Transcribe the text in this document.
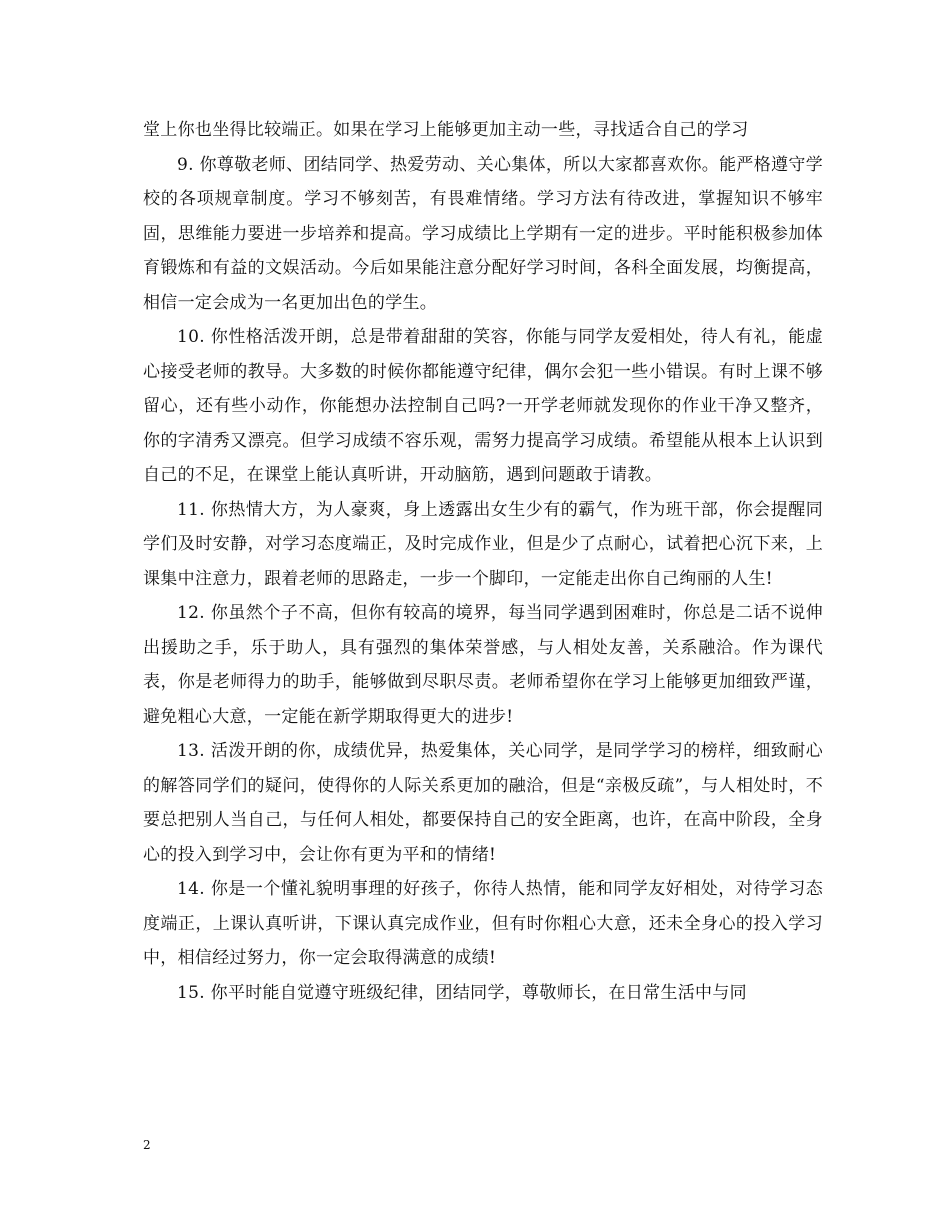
堂上你也坐得比较端正。如果在学习上能够更加主动一些，寻找适合自己的学习

9. 你尊敬老师、团结同学、热爱劳动、关心集体，所以大家都喜欢你。能严格遵守学校的各项规章制度。学习不够刻苦，有畏难情绪。学习方法有待改进，掌握知识不够牢固，思维能力要进一步培养和提高。学习成绩比上学期有一定的进步。平时能积极参加体育锻炼和有益的文娱活动。今后如果能注意分配好学习时间，各科全面发展，均衡提高，相信一定会成为一名更加出色的学生。

10. 你性格活泼开朗，总是带着甜甜的笑容，你能与同学友爱相处，待人有礼，能虚心接受老师的教导。大多数的时候你都能遵守纪律，偶尔会犯一些小错误。有时上课不够留心，还有些小动作，你能想办法控制自己吗?一开学老师就发现你的作业干净又整齐，你的字清秀又漂亮。但学习成绩不容乐观，需努力提高学习成绩。希望能从根本上认识到自己的不足，在课堂上能认真听讲，开动脑筋，遇到问题敢于请教。

11. 你热情大方，为人豪爽，身上透露出女生少有的霸气，作为班干部，你会提醒同学们及时安静，对学习态度端正，及时完成作业，但是少了点耐心，试着把心沉下来，上课集中注意力，跟着老师的思路走，一步一个脚印，一定能走出你自己绚丽的人生!

12. 你虽然个子不高，但你有较高的境界，每当同学遇到困难时，你总是二话不说伸出援助之手，乐于助人，具有强烈的集体荣誉感，与人相处友善，关系融洽。作为课代表，你是老师得力的助手，能够做到尽职尽责。老师希望你在学习上能够更加细致严谨，避免粗心大意，一定能在新学期取得更大的进步!

13. 活泼开朗的你，成绩优异，热爱集体，关心同学，是同学学习的榜样，细致耐心的解答同学们的疑问，使得你的人际关系更加的融洽，但是“亲极反疏”，与人相处时，不要总把别人当自己，与任何人相处，都要保持自己的安全距离，也许，在高中阶段，全身心的投入到学习中，会让你有更为平和的情绪!

14. 你是一个懂礼貌明事理的好孩子，你待人热情，能和同学友好相处，对待学习态度端正，上课认真听讲，下课认真完成作业，但有时你粗心大意，还未全身心的投入学习中，相信经过努力，你一定会取得满意的成绩!

15. 你平时能自觉遵守班级纪律，团结同学，尊敬师长，在日常生活中与同

2
